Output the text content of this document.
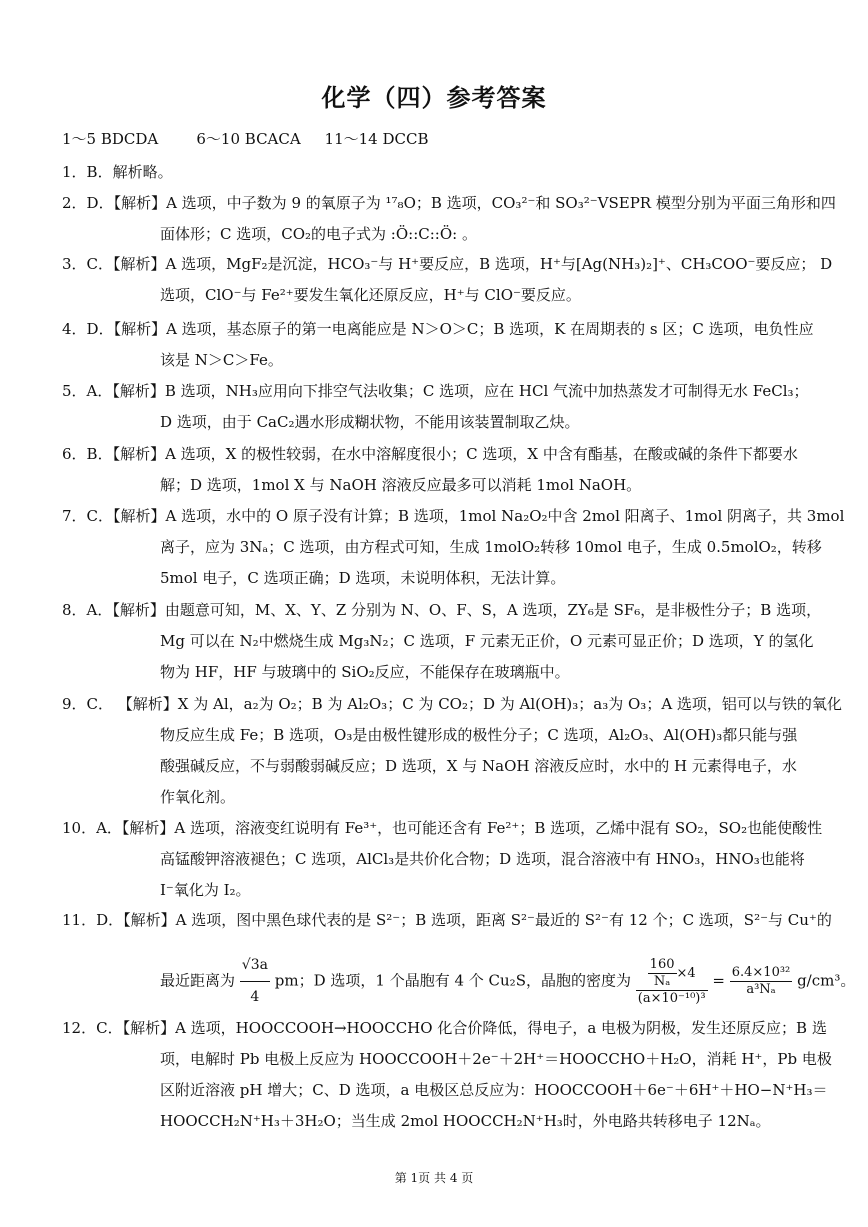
化学（四）参考答案
1～5 BDCDA        6～10 BCACA     11～14 DCCB
1．B．解析略。
2．D．【解析】A 选项，中子数为 9 的氧原子为 ¹⁷₈O；B 选项，CO₃²⁻和 SO₃²⁻VSEPR 模型分别为平面三角形和四
面体形；C 选项，CO₂的电子式为 :Ö::C::Ö: 。
3．C．【解析】A 选项，MgF₂是沉淀，HCO₃⁻与 H⁺要反应，B 选项，H⁺与[Ag(NH₃)₂]⁺、CH₃COO⁻要反应； D
选项，ClO⁻与 Fe²⁺要发生氧化还原反应，H⁺与 ClO⁻要反应。
4．D．【解析】A 选项，基态原子的第一电离能应是 N＞O＞C；B 选项，K 在周期表的 s 区；C 选项，电负性应
该是 N＞C＞Fe。
5．A．【解析】B 选项，NH₃应用向下排空气法收集；C 选项，应在 HCl 气流中加热蒸发才可制得无水 FeCl₃；
D 选项，由于 CaC₂遇水形成糊状物，不能用该装置制取乙炔。
6．B．【解析】A 选项，X 的极性较弱，在水中溶解度很小；C 选项，X 中含有酯基，在酸或碱的条件下都要水
解；D 选项，1mol X 与 NaOH 溶液反应最多可以消耗 1mol NaOH。
7．C．【解析】A 选项，水中的 O 原子没有计算；B 选项，1mol Na₂O₂中含 2mol 阳离子、1mol 阴离子，共 3mol
离子，应为 3Nₐ；C 选项，由方程式可知，生成 1molO₂转移 10mol 电子，生成 0.5molO₂，转移
5mol 电子，C 选项正确；D 选项，未说明体积，无法计算。
8．A．【解析】由题意可知，M、X、Y、Z 分别为 N、O、F、S，A 选项，ZY₆是 SF₆，是非极性分子；B 选项，
Mg 可以在 N₂中燃烧生成 Mg₃N₂；C 选项，F 元素无正价，O 元素可显正价；D 选项，Y 的氢化
物为 HF，HF 与玻璃中的 SiO₂反应，不能保存在玻璃瓶中。
9．C． 【解析】X 为 Al，a₂为 O₂；B 为 Al₂O₃；C 为 CO₂；D 为 Al(OH)₃；a₃为 O₃；A 选项，铝可以与铁的氧化
物反应生成 Fe；B 选项，O₃是由极性键形成的极性分子；C 选项，Al₂O₃、Al(OH)₃都只能与强
酸强碱反应，不与弱酸弱碱反应；D 选项，X 与 NaOH 溶液反应时，水中的 H 元素得电子，水
作氧化剂。
10．A．【解析】A 选项，溶液变红说明有 Fe³⁺，也可能还含有 Fe²⁺；B 选项，乙烯中混有 SO₂，SO₂也能使酸性
高锰酸钾溶液褪色；C 选项，AlCl₃是共价化合物；D 选项，混合溶液中有 HNO₃，HNO₃也能将
I⁻氧化为 I₂。
11．D．【解析】A 选项，图中黑色球代表的是 S²⁻；B 选项，距离 S²⁻最近的 S²⁻有 12 个；C 选项，S²⁻与 Cu⁺的
最近距离为 $\frac{√3a}{4}$ pm；D 选项，1 个晶胞有 4 个 Cu₂S，晶胞的密度为 $\frac{\frac{160}{\text{Nₐ}} \times 4}{\text{(a×10⁻¹⁰)³}} = \frac{\text{6.4×10³²}}{\text{a³Nₐ}} g/cm^3$。
12．C．【解析】A 选项，HOOCCOOH→HOOCCHO 化合价降低，得电子，a 电极为阴极，发生还原反应；B 选
项，电解时 Pb 电极上反应为 HOOCCOOH＋2e⁻＋2H⁺＝HOOCCHO＋H₂O，消耗 H⁺，Pb 电极
区附近溶液 pH 增大；C、D 选项，a 电极区总反应为：HOOCCOOH＋6e⁻＋6H⁺＋HO−N⁺H₃＝
HOOCCH₂N⁺H₃＋3H₂O；当生成 2mol HOOCCH₂N⁺H₃时，外电路共转移电子 12Nₐ。
第 1页 共 4 页
